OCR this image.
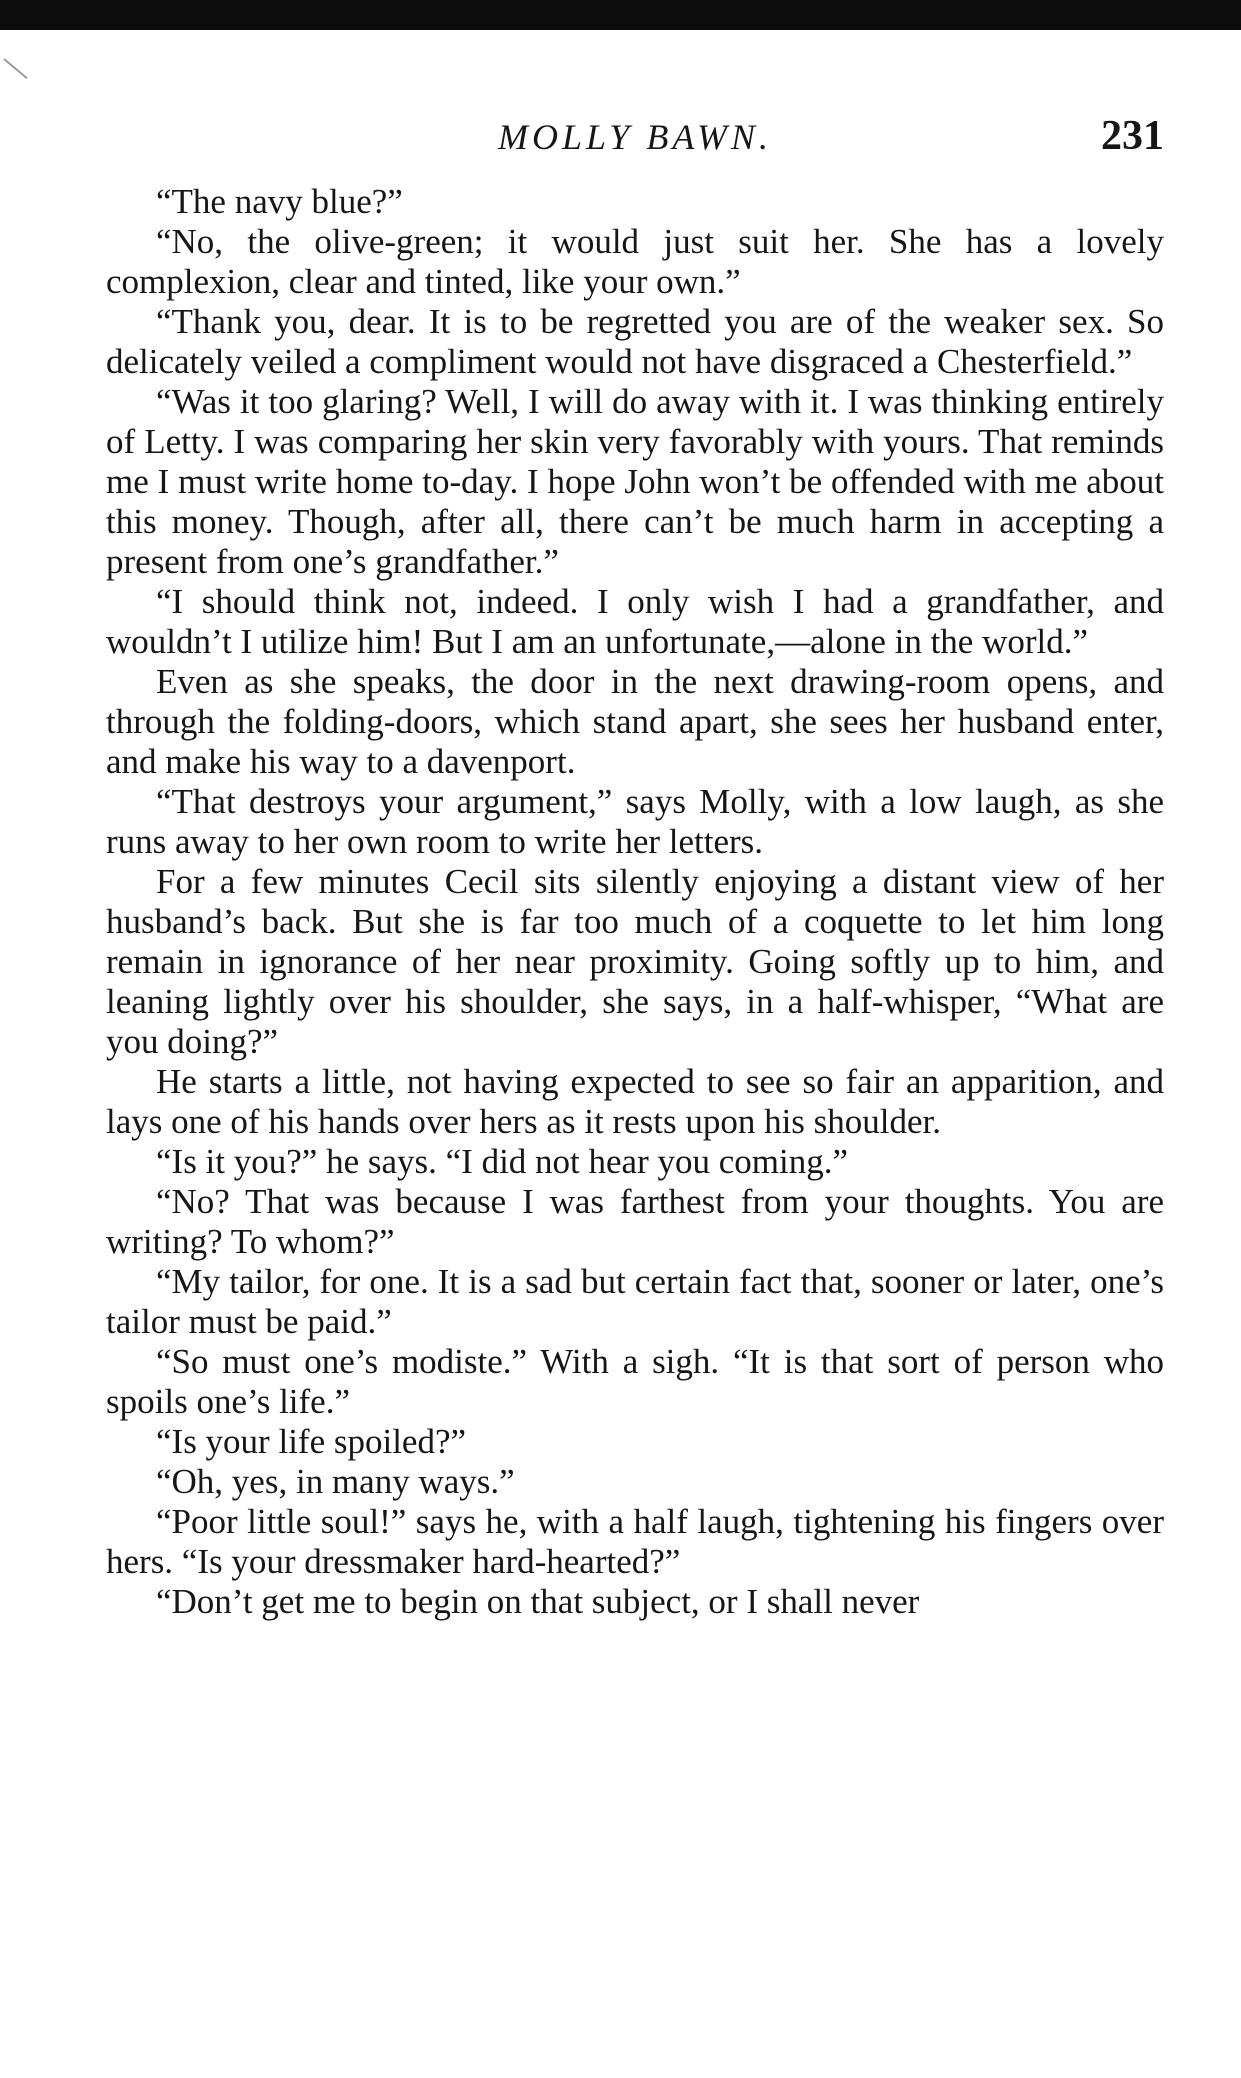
MOLLY BAWN.	231

“The navy blue?”

“No, the olive-green; it would just suit her. She has a lovely complexion, clear and tinted, like your own.”

“Thank you, dear. It is to be regretted you are of the weaker sex. So delicately veiled a compliment would not have disgraced a Chesterfield.”

“Was it too glaring? Well, I will do away with it. I was thinking entirely of Letty. I was comparing her skin very favorably with yours. That reminds me I must write home to-day. I hope John won’t be offended with me about this money. Though, after all, there can’t be much harm in accepting a present from one’s grandfather.”

“I should think not, indeed. I only wish I had a grandfather, and wouldn’t I utilize him! But I am an unfortunate,—alone in the world.”

Even as she speaks, the door in the next drawing-room opens, and through the folding-doors, which stand apart, she sees her husband enter, and make his way to a davenport.

“That destroys your argument,” says Molly, with a low laugh, as she runs away to her own room to write her letters.

For a few minutes Cecil sits silently enjoying a distant view of her husband’s back. But she is far too much of a coquette to let him long remain in ignorance of her near proximity. Going softly up to him, and leaning lightly over his shoulder, she says, in a half-whisper, “What are you doing?”

He starts a little, not having expected to see so fair an apparition, and lays one of his hands over hers as it rests upon his shoulder.

“Is it you?” he says. “I did not hear you coming.”

“No? That was because I was farthest from your thoughts. You are writing? To whom?”

“My tailor, for one. It is a sad but certain fact that, sooner or later, one’s tailor must be paid.”

“So must one’s modiste.” With a sigh. “It is that sort of person who spoils one’s life.”

“Is your life spoiled?”

“Oh, yes, in many ways.”

“Poor little soul!” says he, with a half laugh, tightening his fingers over hers. “Is your dressmaker hard-hearted?”

“Don’t get me to begin on that subject, or I shall never
